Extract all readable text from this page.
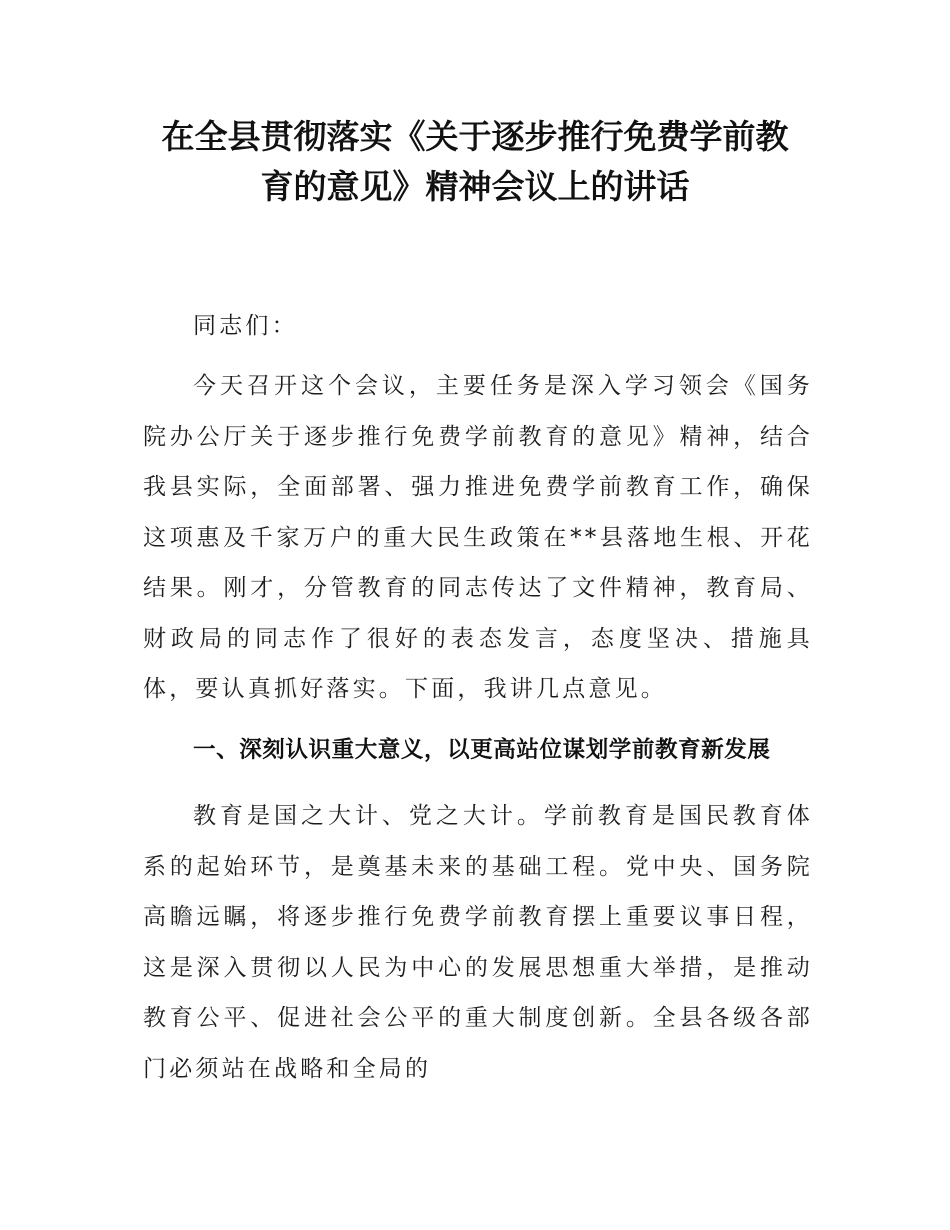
在全县贯彻落实《关于逐步推行免费学前教
育的意见》精神会议上的讲话

同志们：

今天召开这个会议，主要任务是深入学习领会《国务院办公厅关于逐步推行免费学前教育的意见》精神，结合我县实际，全面部署、强力推进免费学前教育工作，确保这项惠及千家万户的重大民生政策在**县落地生根、开花结果。刚才，分管教育的同志传达了文件精神，教育局、财政局的同志作了很好的表态发言，态度坚决、措施具体，要认真抓好落实。下面，我讲几点意见。

一、深刻认识重大意义，以更高站位谋划学前教育新发展

教育是国之大计、党之大计。学前教育是国民教育体系的起始环节，是奠基未来的基础工程。党中央、国务院高瞻远瞩，将逐步推行免费学前教育摆上重要议事日程，这是深入贯彻以人民为中心的发展思想重大举措，是推动教育公平、促进社会公平的重大制度创新。全县各级各部门必须站在战略和全局的
